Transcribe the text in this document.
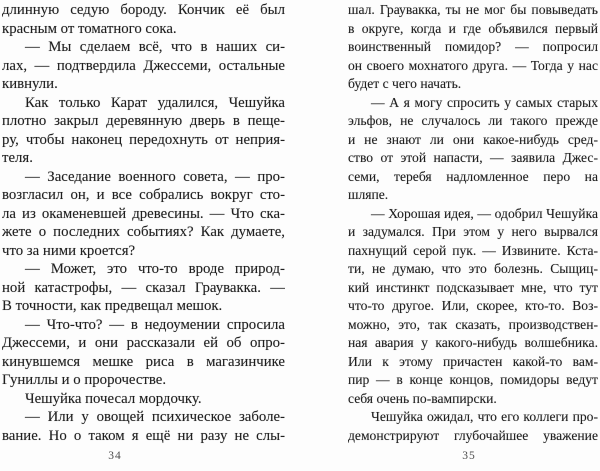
длинную седую бороду. Кончик её был
красным от томатного сока.
— Мы сделаем всё, что в наших си-
лах, — подтвердила Джессеми, остальные
кивнули.
Как только Карат удалился, Чешуйка
плотно закрыл деревянную дверь в пеще-
ру, чтобы наконец передохнуть от неприя-
теля.
— Заседание военного совета, — про-
возгласил он, и все собрались вокруг сто-
ла из окаменевшей древесины. — Что ска-
жете о последних событиях? Как думаете,
что за ними кроется?
— Может, это что-то вроде природ-
ной катастрофы, — сказал Граувакка. —
В точности, как предвещал мешок.
— Что-что? — в недоумении спросила
Джессеми, и они рассказали ей об опро-
кинувшемся мешке риса в магазинчике
Гуниллы и о пророчестве.
Чешуйка почесал мордочку.
— Или у овощей психическое заболе-
вание. Но о таком я ещё ни разу не слы-
шал. Граувакка, ты не мог бы повыведать
в округе, когда и где объявился первый
воинственный помидор? — попросил
он своего мохнатого друга. — Тогда у нас
будет с чего начать.
— А я могу спросить у самых старых
эльфов, не случалось ли такого прежде
и не знают ли они какое-нибудь сред-
ство от этой напасти, — заявила Джес-
семи, теребя надломленное перо на
шляпе.
— Хорошая идея, — одобрил Чешуйка
и задумался. При этом у него вырвался
пахнущий серой пук. — Извините. Кста-
ти, не думаю, что это болезнь. Сыщиц-
кий инстинкт подсказывает мне, что тут
что-то другое. Или, скорее, кто-то. Воз-
можно, это, так сказать, производствен-
ная авария у какого-нибудь волшебника.
Или к этому причастен какой-то вам-
пир — в конце концов, помидоры ведут
себя очень по-вампирски.
Чешуйка ожидал, что его коллеги про-
демонстрируют глубочайшее уважение
34	35
